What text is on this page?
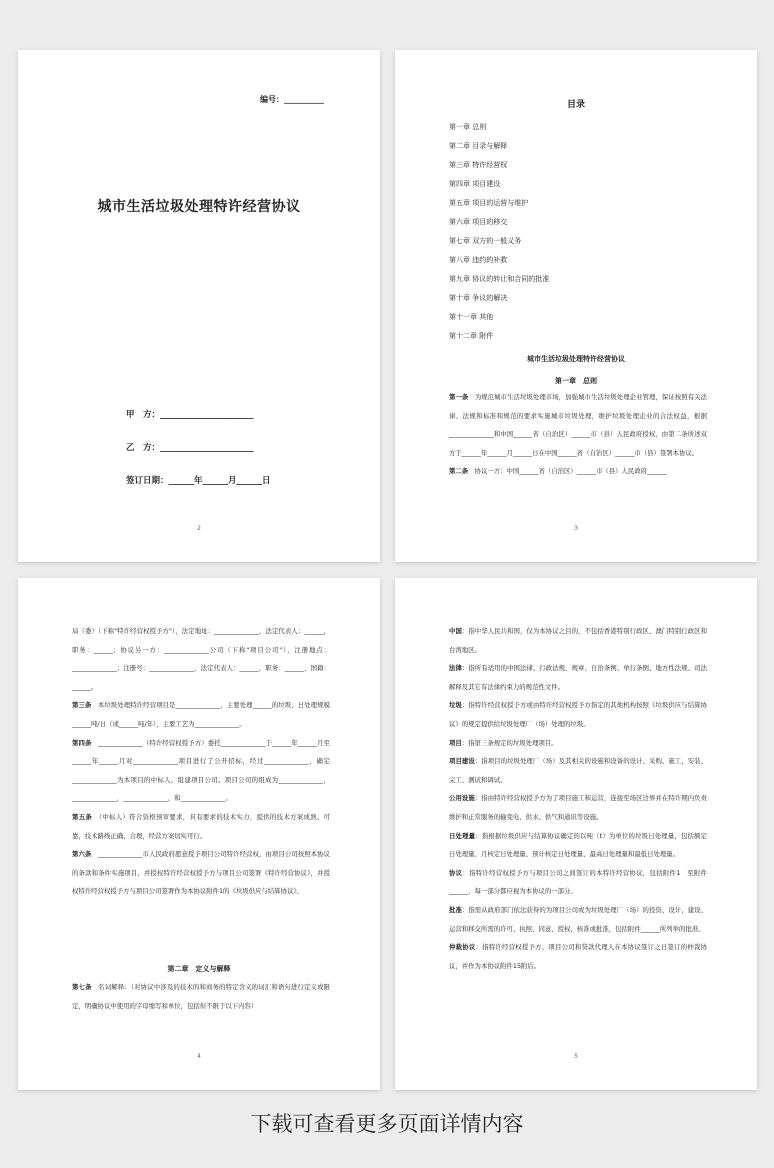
编号：__________
城市生活垃圾处理特许经营协议
甲　方：______________________
乙　方：______________________
签订日期：______年______月______日
2
目录
第一章 总则
第二章 目录与解释
第三章 特许经营权
第四章 项目建设
第五章 项目的运营与维护
第六章 项目的移交
第七章 双方的一般义务
第八章 违约的补救
第九章 协议的转让和合同的批准
第十章 争议的解决
第十一章 其他
第十二章 附件
城市生活垃圾处理特许经营协议
第一章　总则

第一条　 为规范城市生活垃圾处理市场，加强城市生活垃圾处理企业管理，保证按照有关法律、法规和标准和规范的要求实施城市垃圾处理，维护垃圾处理企业的合法权益，根据______________和中国______省（自治区）______市（县）人民政府授权，由第二条所述双方于______年______月______日在中国______省（自治区）______市（县）签署本协议。

第二条　 协议一方：中国______省（自治区）______市（县）人民政府______

3

局（委）（下称"特许经营权授予方"），法定地址：______________，法定代表人：______，职务：______；协议另一方：______________公司（下称"项目公司"），注册地点：______________；注册号：______________，法定代表人：______，职务：______，国籍：______。

第三条　 本垃圾处理特许经营项目是______________，主要处理______的垃圾，日处理规模______吨/日（或______吨/年），主要工艺为______________。

第四条　 ______________（特许经营权授予方）委托______________于______年______月至______年______月对______________项目进行了公开招标，经过______________，确定______________为本项目的中标人，组建项目公司。项目公司的组成为______________，______________，______________，和______________。

第五条　 （中标人）符合资格预审要求，具有要求的技术实力，提供的技术方案成熟、可靠，技术路线正确、合理，经营方案切实可行。

第六条　 ______________市人民政府愿意授予项目公司特许经营权，由项目公司按照本协议的条款和条件实施项目，并授权特许经营权授予方与项目公司签署《特许经营协议》，并授权特许经营权授予方与项目公司签署作为本协议附件1的《垃圾供应与结算协议》。

第二章　定义与解释

第七条　 名词解释：（对协议中涉及的技术的和商务的特定含义的词汇和语句进行定义或限定，明确协议中使用的字母缩写和单位，包括但不限于以下内容）

4

中国：指中华人民共和国，仅为本协议之目的，不包括香港特别行政区、澳门特别行政区和台湾地区。

法律：指所有适用的中国法律、行政法规、规章、自治条例、单行条例、地方性法规、司法解释及其它有法律约束力的规范性文件。

垃圾：指特许经营权授予方或由特许经营权授予方指定的其他机构按照《垃圾供应与结算协议》的规定提供给垃圾处理厂（场）处理的垃圾。

项目：指第三条规定的垃圾处理项目。

项目建设：指项目的垃圾处理厂（场）及其相关的设施和设备的设计、采购、施工、安装、完工、测试和调试。

公用设施：指由特许经营权授予方为了项目施工和运营，连接至场区边界并在特许期内负责维护和正常服务的输变电、供水、供气和通讯等设施。

日处理量：指根据垃圾供应与结算协议确定的以吨（t）为单位的垃圾日处理量，包括额定日处理量、月核定日处理量、预计核定日处理量、最高日处理量和最低日处理量。

协议：指特许经营权授予方与项目公司之间签订的本特许经营协议，包括附件1　至附件______，每一部分都应视为本协议的一部分。

批准：指需从政府部门依法获得的为项目公司或为垃圾处理厂（场）的投资、设计、建设、运营和移交所需的许可、执照、同意、授权、核准或批准，包括附件______所列举的批准。

仲裁协议：指特许经营权授予方、项目公司和贷款代理人在本协议签订之日签订的仲裁协议，并作为本协议附件15附后。

5
下载可查看更多页面详情内容
